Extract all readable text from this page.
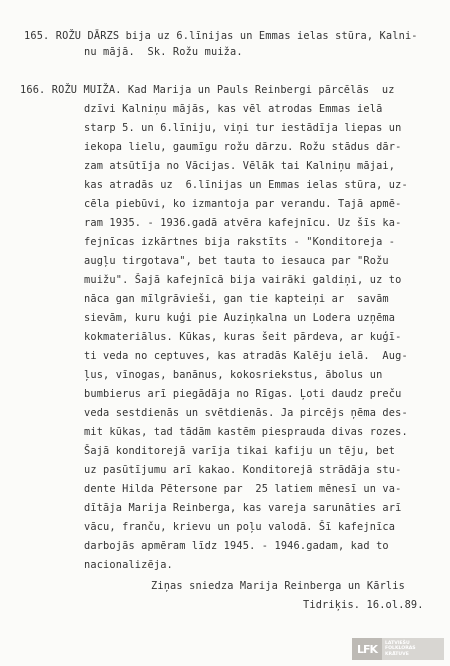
165. ROŽU DĀRZS bija uz 6.līnijas un Emmas ielas stūra, Kalni-
nu mājā.  Sk. Rožu muiža.
166. ROŽU MUIŽA. Kad Marija un Pauls Reinbergi pārcēlās  uz
dzīvi Kalniņu mājās, kas vēl atrodas Emmas ielā
starp 5. un 6.līniju, viņi tur iestādīja liepas un
iekopa lielu, gaumīgu rožu dārzu. Rožu stādus dār-
zam atsūtīja no Vācijas. Vēlāk tai Kalniņu mājai,
kas atradās uz  6.līnijas un Emmas ielas stūra, uz-
cēla piebūvi, ko izmantoja par verandu. Tajā apmē-
ram 1935. - 1936.gadā atvēra kafejnīcu. Uz šīs ka-
fejnīcas izkārtnes bija rakstīts - "Konditoreja -
augļu tirgotava", bet tauta to iesauca par "Rožu
muižu". Šajā kafejnīcā bija vairāki galdiņi, uz to
nāca gan mīlgrāvieši, gan tie kapteiņi ar  savām
sievām, kuru kuģi pie Auziņkalna un Lodera uzņēma
kokmateriālus. Kūkas, kuras šeit pārdeva, ar kuģī-
ti veda no ceptuves, kas atradās Kalēju ielā.  Aug-
ļus, vīnogas, banānus, kokosriekstus, ābolus un
bumbierus arī piegādāja no Rīgas. Ļoti daudz preču
veda sestdienās un svētdienās. Ja pircējs ņēma des-
mit kūkas, tad tādām kastēm piesprauda divas rozes.
Šajā konditorejā varīja tikai kafiju un tēju, bet
uz pasūtījumu arī kakao. Konditorejā strādāja stu-
dente Hilda Pētersone par  25 latiem mēnesī un va-
dītāja Marija Reinberga, kas vareja sarunāties arī
vācu, franču, krievu un poļu valodā. Šī kafejnīca
darbojās apmēram līdz 1945. - 1946.gadam, kad to
nacionalizēja.
Ziņas sniedza Marija Reinberga un Kārlis
Tidriķis. 16.ol.89.
LFK	LATVIEŠU
FOLKLORAS
KRĀTUVE
